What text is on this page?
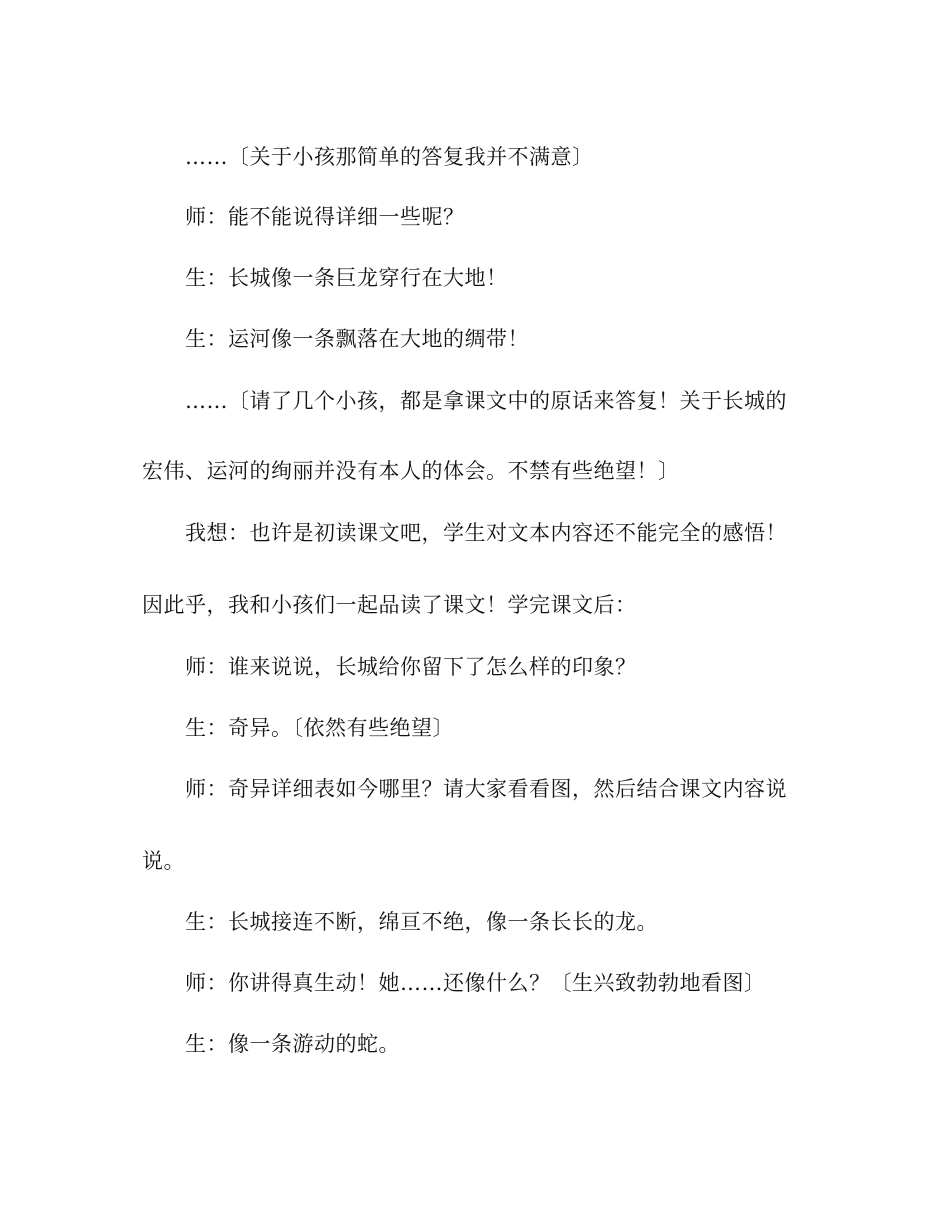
……〔关于小孩那简单的答复我并不满意〕
师：能不能说得详细一些呢？
生：长城像一条巨龙穿行在大地！
生：运河像一条飘落在大地的绸带！
……〔请了几个小孩，都是拿课文中的原话来答复！关于长城的
宏伟、运河的绚丽并没有本人的体会。不禁有些绝望！〕
我想：也许是初读课文吧，学生对文本内容还不能完全的感悟！
因此乎，我和小孩们一起品读了课文！学完课文后：
师：谁来说说，长城给你留下了怎么样的印象？
生：奇异。〔依然有些绝望〕
师：奇异详细表如今哪里？请大家看看图，然后结合课文内容说
说。
生：长城接连不断，绵亘不绝，像一条长长的龙。
师：你讲得真生动！她……还像什么？〔生兴致勃勃地看图〕
生：像一条游动的蛇。
